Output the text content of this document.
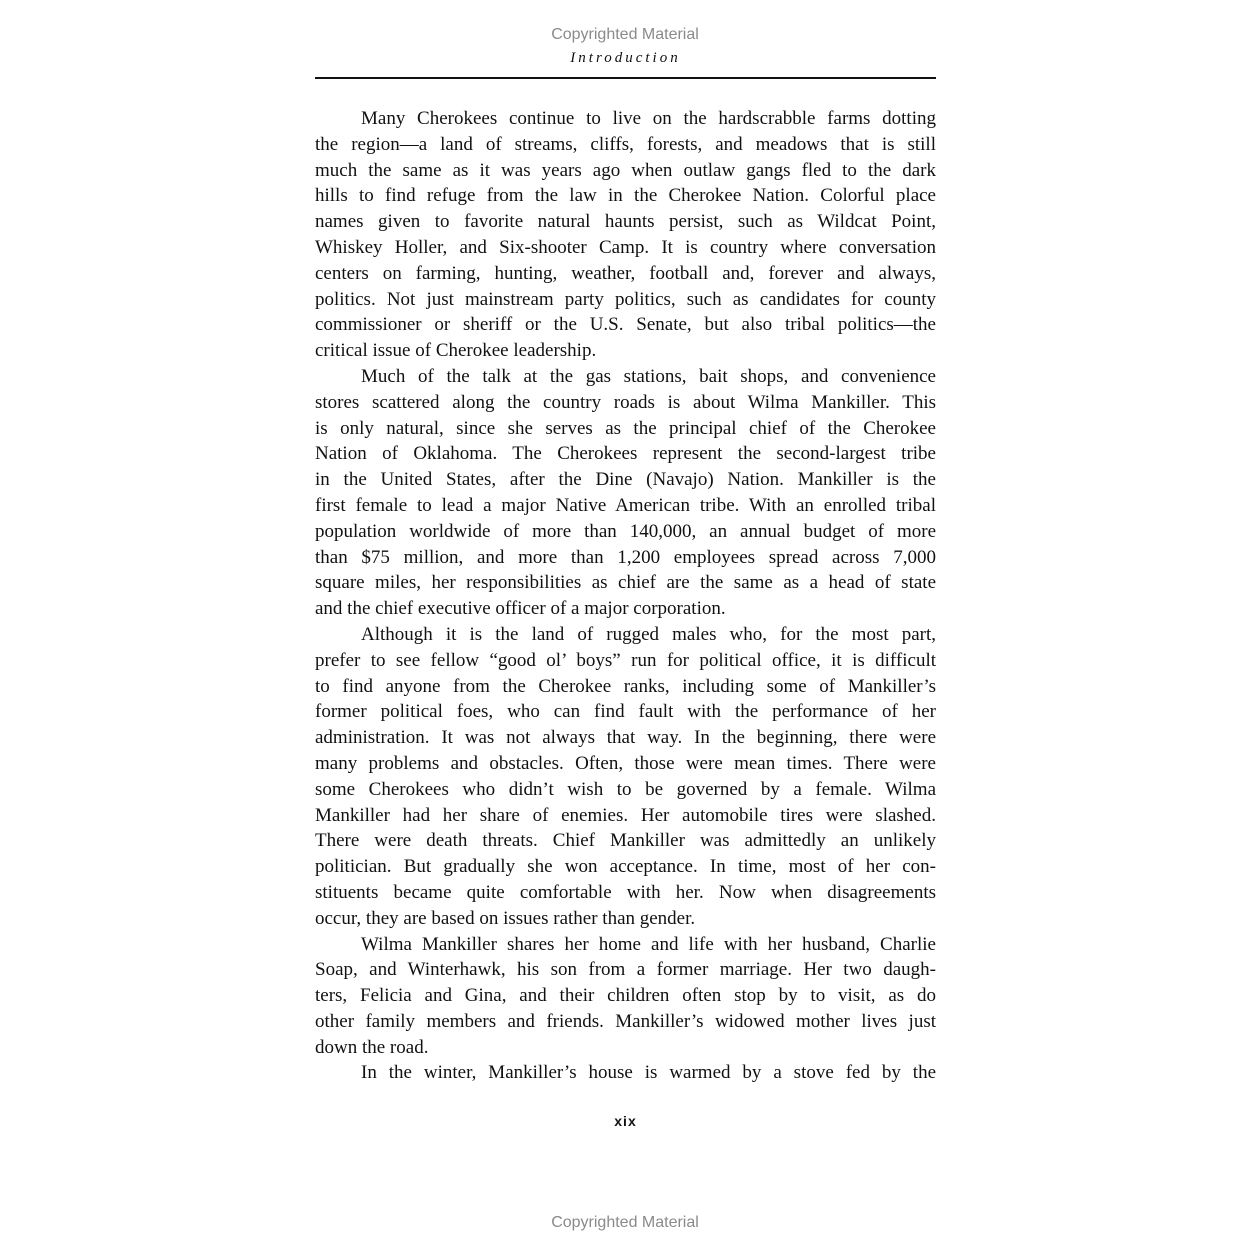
Copyrighted Material
Introduction
Many Cherokees continue to live on the hardscrabble farms dotting
the region—a land of streams, cliffs, forests, and meadows that is still
much the same as it was years ago when outlaw gangs fled to the dark
hills to find refuge from the law in the Cherokee Nation. Colorful place
names given to favorite natural haunts persist, such as Wildcat Point,
Whiskey Holler, and Six-shooter Camp. It is country where conversation
centers on farming, hunting, weather, football and, forever and always,
politics. Not just mainstream party politics, such as candidates for county
commissioner or sheriff or the U.S. Senate, but also tribal politics—the
critical issue of Cherokee leadership.
Much of the talk at the gas stations, bait shops, and convenience
stores scattered along the country roads is about Wilma Mankiller. This
is only natural, since she serves as the principal chief of the Cherokee
Nation of Oklahoma. The Cherokees represent the second-largest tribe
in the United States, after the Dine (Navajo) Nation. Mankiller is the
first female to lead a major Native American tribe. With an enrolled tribal
population worldwide of more than 140,000, an annual budget of more
than $75 million, and more than 1,200 employees spread across 7,000
square miles, her responsibilities as chief are the same as a head of state
and the chief executive officer of a major corporation.
Although it is the land of rugged males who, for the most part,
prefer to see fellow “good ol’ boys” run for political office, it is difficult
to find anyone from the Cherokee ranks, including some of Mankiller’s
former political foes, who can find fault with the performance of her
administration. It was not always that way. In the beginning, there were
many problems and obstacles. Often, those were mean times. There were
some Cherokees who didn’t wish to be governed by a female. Wilma
Mankiller had her share of enemies. Her automobile tires were slashed.
There were death threats. Chief Mankiller was admittedly an unlikely
politician. But gradually she won acceptance. In time, most of her con-
stituents became quite comfortable with her. Now when disagreements
occur, they are based on issues rather than gender.
Wilma Mankiller shares her home and life with her husband, Charlie
Soap, and Winterhawk, his son from a former marriage. Her two daugh-
ters, Felicia and Gina, and their children often stop by to visit, as do
other family members and friends. Mankiller’s widowed mother lives just
down the road.
In the winter, Mankiller’s house is warmed by a stove fed by the
xix
Copyrighted Material
